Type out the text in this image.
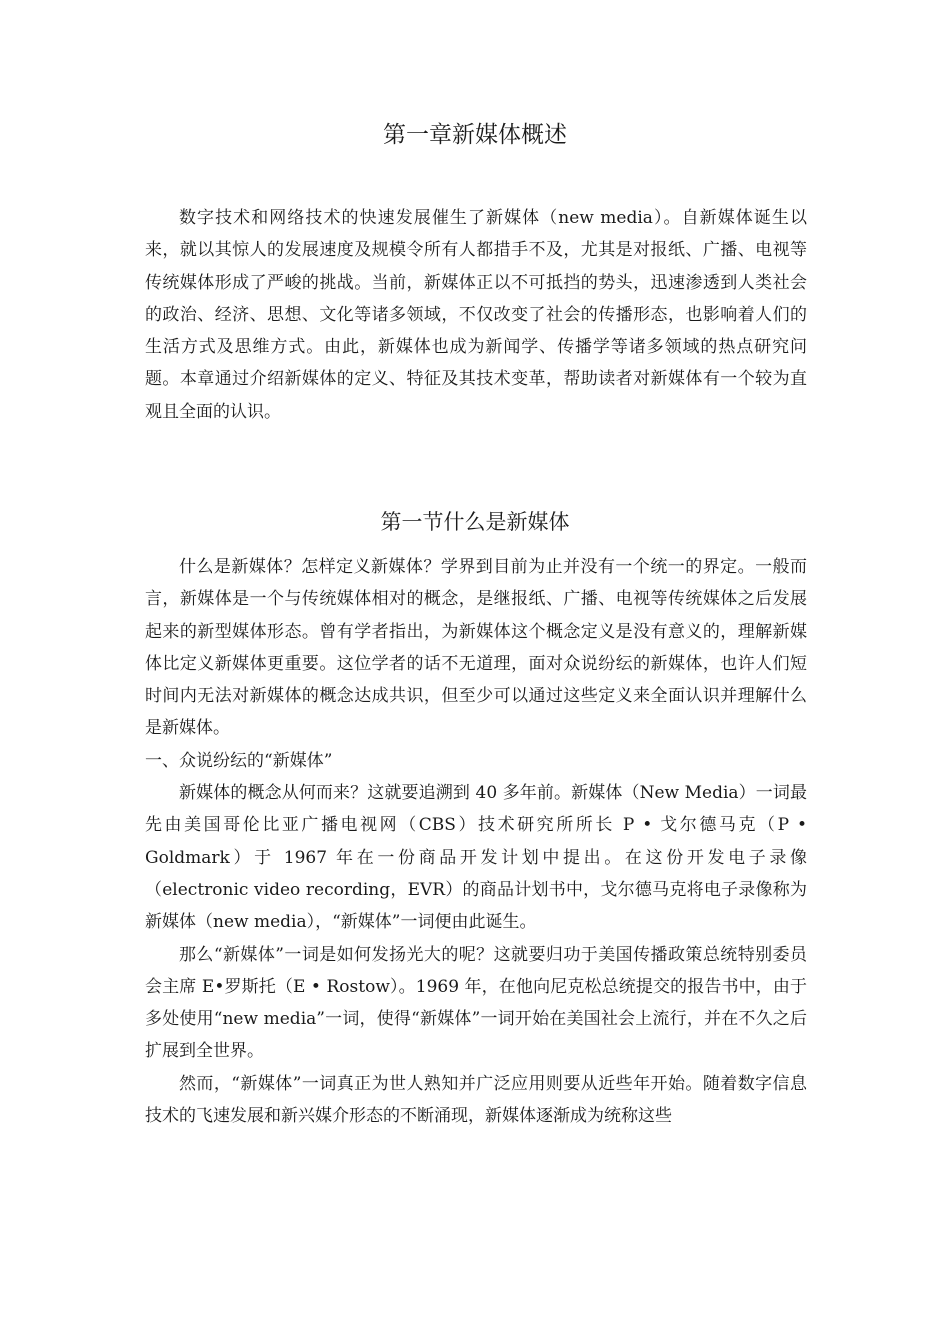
第一章新媒体概述

数字技术和网络技术的快速发展催生了新媒体（new media）。自新媒体诞生以来，就以其惊人的发展速度及规模令所有人都措手不及，尤其是对报纸、广播、电视等传统媒体形成了严峻的挑战。当前，新媒体正以不可抵挡的势头，迅速渗透到人类社会的政治、经济、思想、文化等诸多领域，不仅改变了社会的传播形态，也影响着人们的生活方式及思维方式。由此，新媒体也成为新闻学、传播学等诸多领域的热点研究问题。本章通过介绍新媒体的定义、特征及其技术变革，帮助读者对新媒体有一个较为直观且全面的认识。

第一节什么是新媒体

什么是新媒体？怎样定义新媒体？学界到目前为止并没有一个统一的界定。一般而言，新媒体是一个与传统媒体相对的概念，是继报纸、广播、电视等传统媒体之后发展起来的新型媒体形态。曾有学者指出，为新媒体这个概念定义是没有意义的，理解新媒体比定义新媒体更重要。这位学者的话不无道理，面对众说纷纭的新媒体，也许人们短时间内无法对新媒体的概念达成共识，但至少可以通过这些定义来全面认识并理解什么是新媒体。

一、众说纷纭的“新媒体”

新媒体的概念从何而来？这就要追溯到 40 多年前。新媒体（New Media）一词最先由美国哥伦比亚广播电视网（CBS）技术研究所所长 P • 戈尔德马克（P • Goldmark）于 1967 年在一份商品开发计划中提出。在这份开发电子录像（electronic video recording，EVR）的商品计划书中，戈尔德马克将电子录像称为新媒体（new media），“新媒体”一词便由此诞生。

那么“新媒体”一词是如何发扬光大的呢？这就要归功于美国传播政策总统特别委员会主席 E•罗斯托（E • Rostow）。1969 年，在他向尼克松总统提交的报告书中，由于多处使用“new media”一词，使得“新媒体”一词开始在美国社会上流行，并在不久之后扩展到全世界。

然而，“新媒体”一词真正为世人熟知并广泛应用则要从近些年开始。随着数字信息技术的飞速发展和新兴媒介形态的不断涌现，新媒体逐渐成为统称这些
